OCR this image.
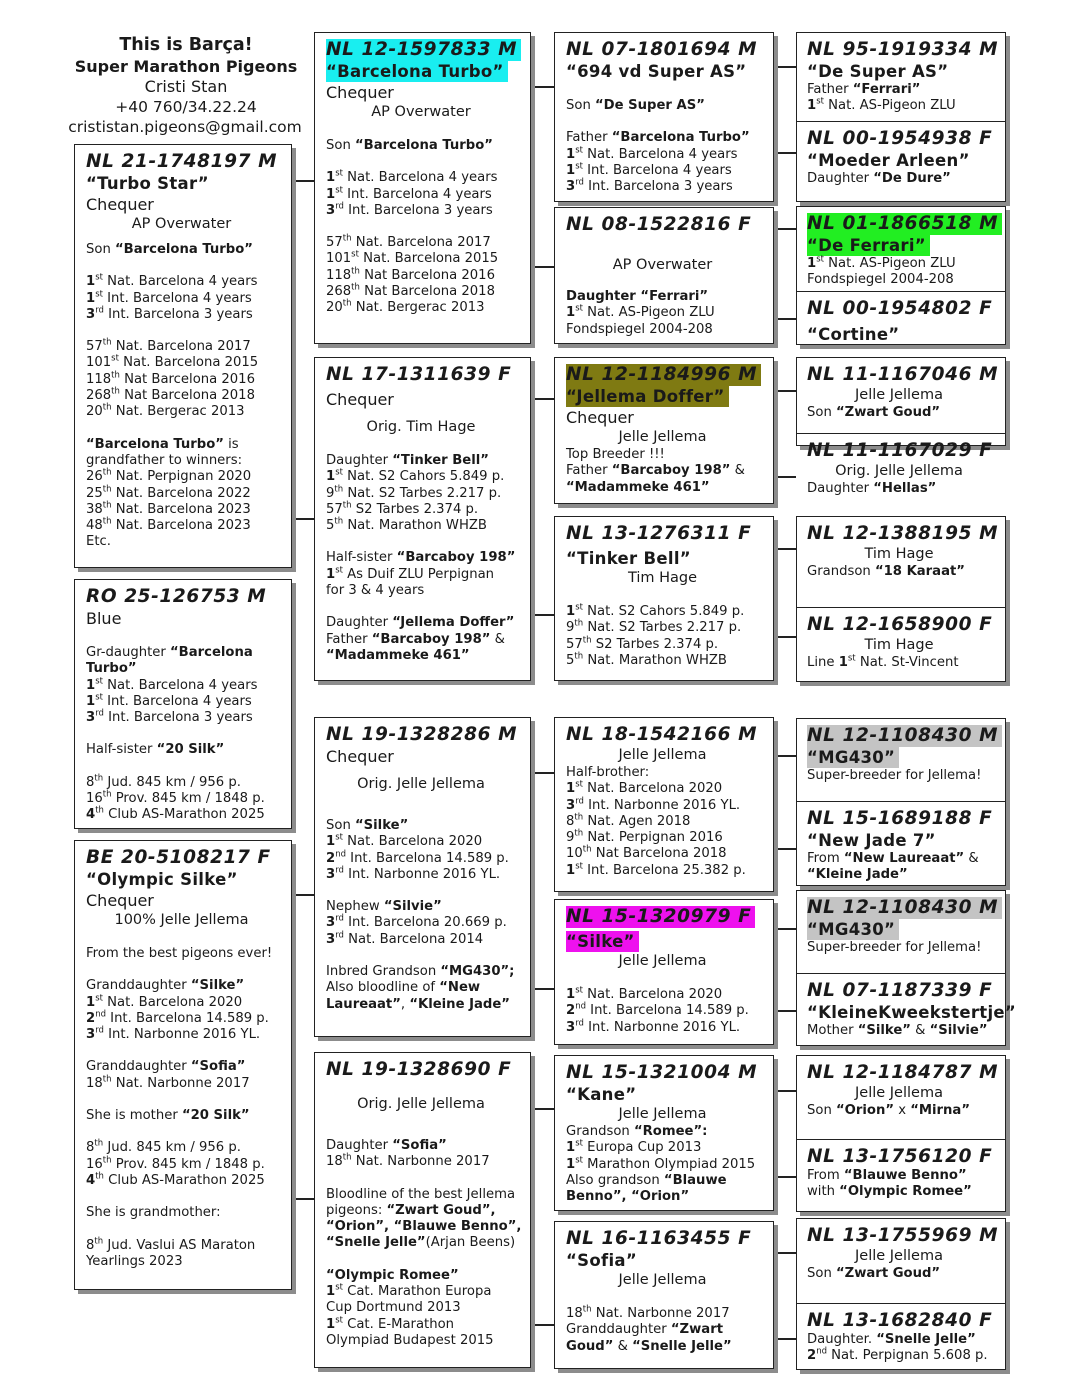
This is Barça!
Super Marathon Pigeons
Cristi Stan
+40 760/34.22.24
crististan.pigeons@gmail.com
NL 21-1748197 M
“Turbo Star”
Chequer
AP Overwater
Son “Barcelona Turbo”
1st Nat. Barcelona 4 years
1st Int. Barcelona 4 years
3rd Int. Barcelona 3 years
57th Nat. Barcelona 2017
101st Nat. Barcelona 2015
118th Nat Barcelona 2016
268th Nat Barcelona 2018
20th Nat. Bergerac 2013
“Barcelona Turbo” is
grandfather to winners:
26th Nat. Perpignan 2020
25th Nat. Barcelona 2022
38th Nat. Barcelona 2023
48th Nat. Barcelona 2023
Etc.
RO 25-126753 M
Blue
Gr-daughter “Barcelona
Turbo”
1st Nat. Barcelona 4 years
1st Int. Barcelona 4 years
3rd Int. Barcelona 3 years
Half-sister “20 Silk”
8th Jud. 845 km / 956 p.
16th Prov. 845 km / 1848 p.
4th Club AS-Marathon 2025
BE 20-5108217 F
“Olympic Silke”
Chequer
100% Jelle Jellema
From the best pigeons ever!
Granddaughter “Silke”
1st Nat. Barcelona 2020
2nd Int. Barcelona 14.589 p.
3rd Int. Narbonne 2016 YL.
Granddaughter “Sofia”
18th Nat. Narbonne 2017
She is mother “20 Silk”
8th Jud. 845 km / 956 p.
16th Prov. 845 km / 1848 p.
4th Club AS-Marathon 2025
She is grandmother:
8th Jud. Vaslui AS Maraton
Yearlings 2023
NL 12-1597833 M
“Barcelona Turbo”
Chequer
AP Overwater
Son “Barcelona Turbo”
1st Nat. Barcelona 4 years
1st Int. Barcelona 4 years
3rd Int. Barcelona 3 years
57th Nat. Barcelona 2017
101st Nat. Barcelona 2015
118th Nat Barcelona 2016
268th Nat Barcelona 2018
20th Nat. Bergerac 2013
NL 17-1311639 F
Chequer
Orig. Tim Hage
Daughter “Tinker Bell”
1st Nat. S2 Cahors 5.849 p.
9th Nat. S2 Tarbes 2.217 p.
57th S2 Tarbes 2.374 p.
5th Nat. Marathon WHZB
Half-sister “Barcaboy 198”
1st As Duif ZLU Perpignan
for 3 & 4 years
Daughter “Jellema Doffer”
Father “Barcaboy 198” &
“Madammeke 461”
NL 19-1328286 M
Chequer
Orig. Jelle Jellema
Son “Silke”
1st Nat. Barcelona 2020
2nd Int. Barcelona 14.589 p.
3rd Int. Narbonne 2016 YL.
Nephew “Silvie”
3rd Int. Barcelona 20.669 p.
3rd Nat. Barcelona 2014
Inbred Grandson “MG430”;
Also bloodline of “New
Laureaat”, “Kleine Jade”
NL 19-1328690 F
Orig. Jelle Jellema
Daughter “Sofia”
18th Nat. Narbonne 2017
Bloodline of the best Jellema
pigeons: “Zwart Goud”,
“Orion”, “Blauwe Benno”,
“Snelle Jelle”(Arjan Beens)
“Olympic Romee”
1st Cat. Marathon Europa
Cup Dortmund 2013
1st Cat. E-Marathon
Olympiad Budapest 2015
NL 07-1801694 M
“694 vd Super AS”
Son “De Super AS”
Father “Barcelona Turbo”
1st Nat. Barcelona 4 years
1st Int. Barcelona 4 years
3rd Int. Barcelona 3 years
NL 08-1522816 F
AP Overwater
Daughter “Ferrari”
1st Nat. AS-Pigeon ZLU
Fondspiegel 2004-208
NL 12-1184996 M
“Jellema Doffer”
Chequer
Jelle Jellema
Top Breeder !!!
Father “Barcaboy 198” &
“Madammeke 461”
NL 13-1276311 F
“Tinker Bell”
Tim Hage
1st Nat. S2 Cahors 5.849 p.
9th Nat. S2 Tarbes 2.217 p.
57th S2 Tarbes 2.374 p.
5th Nat. Marathon WHZB
NL 18-1542166 M
Jelle Jellema
Half-brother:
1st Nat. Barcelona 2020
3rd Int. Narbonne 2016 YL.
8th Nat. Agen 2018
9th Nat. Perpignan 2016
10th Nat Barcelona 2018
1st Int. Barcelona 25.382 p.
NL 15-1320979 F
“Silke”
Jelle Jellema
1st Nat. Barcelona 2020
2nd Int. Barcelona 14.589 p.
3rd Int. Narbonne 2016 YL.
NL 15-1321004 M
“Kane”
Jelle Jellema
Grandson “Romee”:
1st Europa Cup 2013
1st Marathon Olympiad 2015
Also grandson “Blauwe
Benno”, “Orion”
NL 16-1163455 F
“Sofia”
Jelle Jellema
18th Nat. Narbonne 2017
Granddaughter “Zwart
Goud” & “Snelle Jelle”
NL 95-1919334 M
“De Super AS”
Father “Ferrari”
1st Nat. AS-Pigeon ZLU
NL 00-1954938 F
“Moeder Arleen”
Daughter “De Dure”
NL 01-1866518 M
“De Ferrari”
1st Nat. AS-Pigeon ZLU
Fondspiegel 2004-208
NL 00-1954802 F
“Cortine”
NL 11-1167046 M
Jelle Jellema
Son “Zwart Goud”
NL 11-1167029 F
Orig. Jelle Jellema
Daughter “Hellas”
NL 12-1388195 M
Tim Hage
Grandson “18 Karaat”
NL 12-1658900 F
Tim Hage
Line 1st Nat. St-Vincent
NL 12-1108430 M
“MG430”
Super-breeder for Jellema!
NL 15-1689188 F
“New Jade 7”
From “New Laureaat” &
“Kleine Jade”
NL 12-1108430 M
“MG430”
Super-breeder for Jellema!
NL 07-1187339 F
“KleineKweekstertje”
Mother “Silke” & “Silvie”
NL 12-1184787 M
Jelle Jellema
Son “Orion” x “Mirna”
NL 13-1756120 F
From “Blauwe Benno”
with “Olympic Romee”
NL 13-1755969 M
Jelle Jellema
Son “Zwart Goud”
NL 13-1682840 F
Daughter. “Snelle Jelle”
2nd Nat. Perpignan 5.608 p.
